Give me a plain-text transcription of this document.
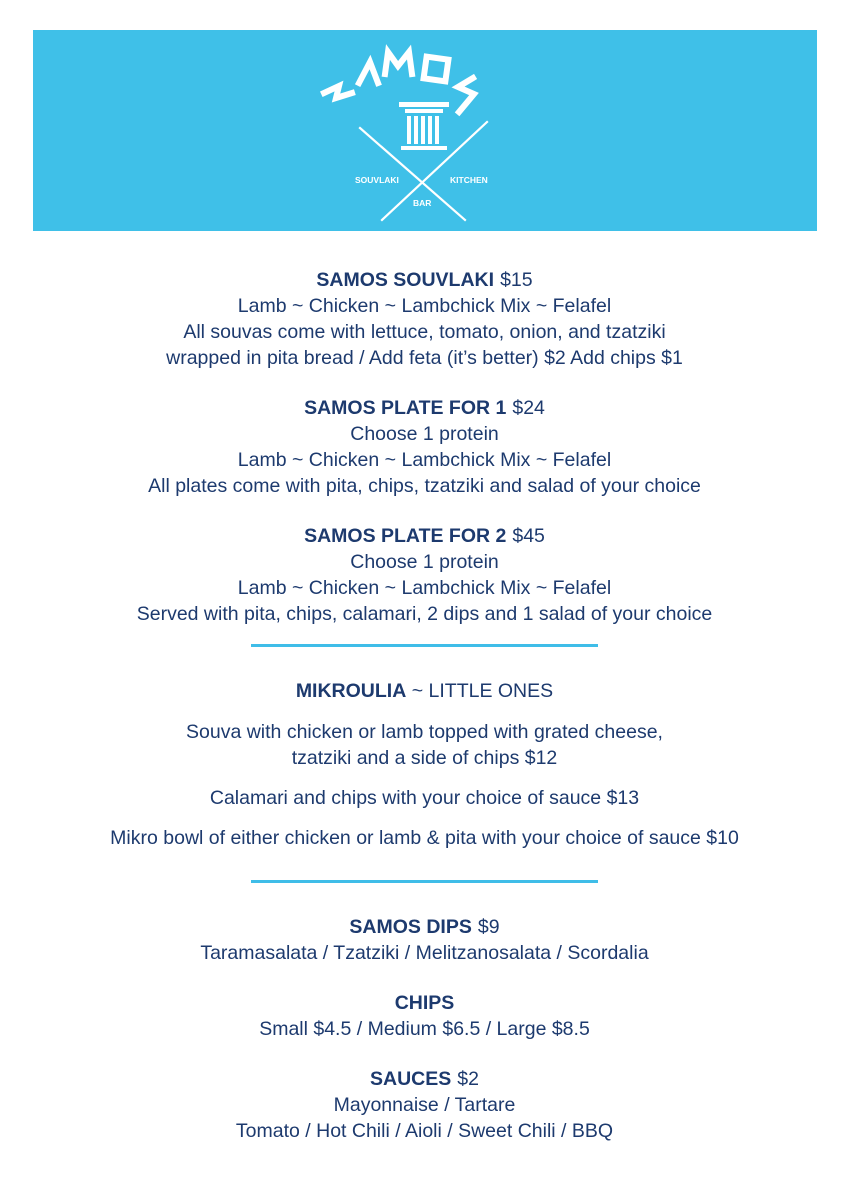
SOUVLAKI	KITCHEN
BAR
SAMOS SOUVLAKI $15
Lamb ~ Chicken ~ Lambchick Mix ~ Felafel
All souvas come with lettuce, tomato, onion, and tzatziki
wrapped in pita bread / Add feta (it’s better) $2 Add chips $1
SAMOS PLATE FOR 1 $24
Choose 1 protein
Lamb ~ Chicken ~ Lambchick Mix ~ Felafel
All plates come with pita, chips, tzatziki and salad of your choice
SAMOS PLATE FOR 2 $45
Choose 1 protein
Lamb ~ Chicken ~ Lambchick Mix ~ Felafel
Served with pita, chips, calamari, 2 dips and 1 salad of your choice
MIKROULIA ~ LITTLE ONES
Souva with chicken or lamb topped with grated cheese,
tzatziki and a side of chips $12
Calamari and chips with your choice of sauce $13
Mikro bowl of either chicken or lamb & pita with your choice of sauce $10
SAMOS DIPS $9
Taramasalata / Tzatziki / Melitzanosalata / Scordalia
CHIPS
Small $4.5 / Medium $6.5 / Large $8.5
SAUCES $2
Mayonnaise / Tartare
Tomato / Hot Chili / Aioli / Sweet Chili / BBQ
